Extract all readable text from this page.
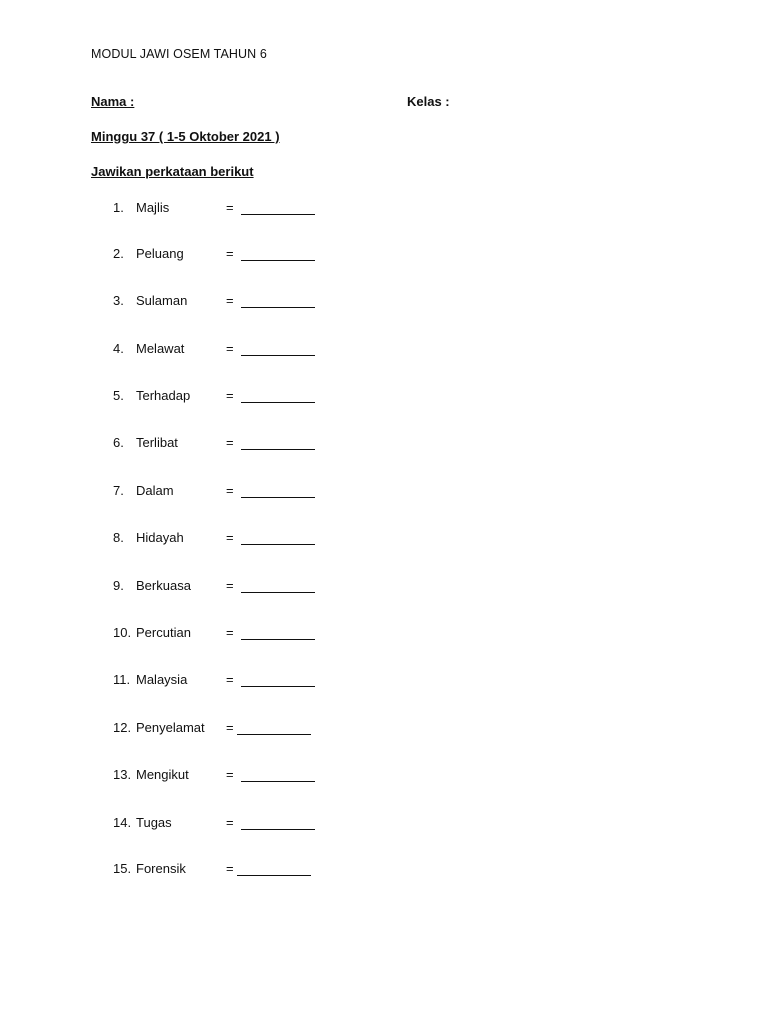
MODUL JAWI OSEM TAHUN 6
Nama :	Kelas :
Minggu 37 ( 1-5 Oktober 2021 )
Jawikan perkataan berikut
1. Majlis	=
2. Peluang	=
3. Sulaman	=
4. Melawat	=
5. Terhadap	=
6. Terlibat	=
7. Dalam	=
8. Hidayah	=
9. Berkuasa	=
10. Percutian	=
11. Malaysia	=
12. Penyelamat =
13. Mengikut	=
14. Tugas	=
15. Forensik	=
